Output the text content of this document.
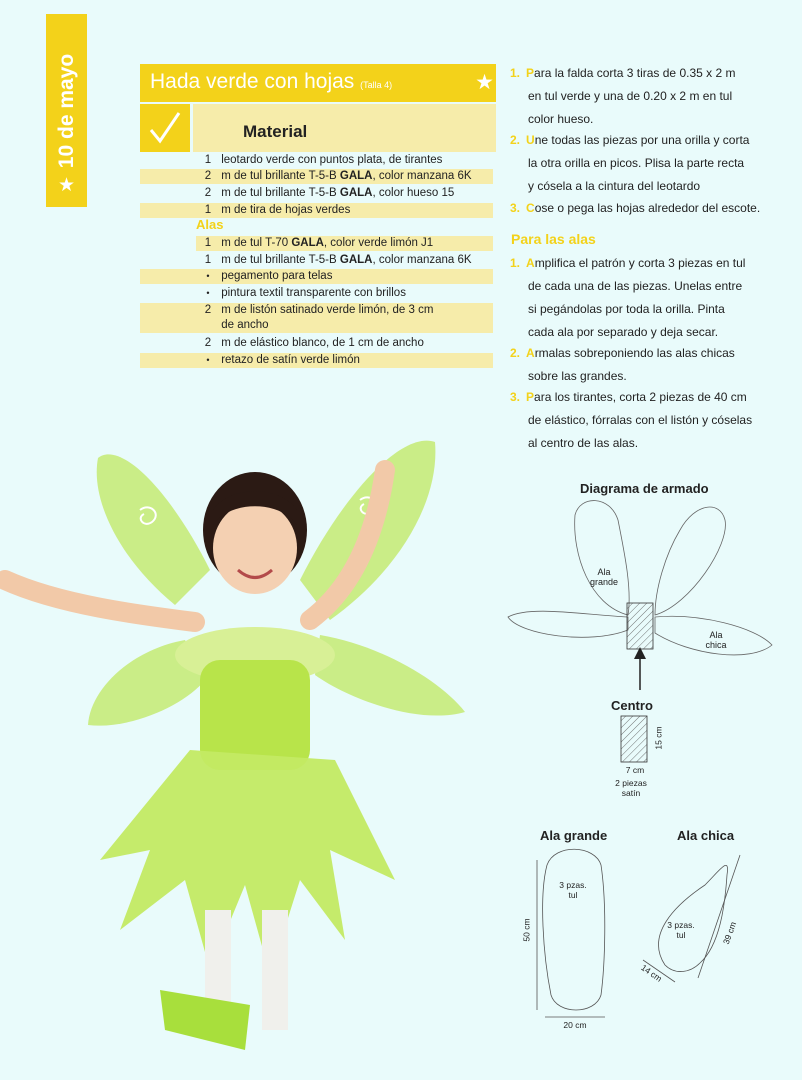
10 de mayo
★
Hada verde con hojas (Talla 4)	★
Material
1 leotardo verde con puntos plata, de tirantes
2 m de tul brillante T-5-B GALA, color manzana 6K
2 m de tul brillante T-5-B GALA, color hueso 15
1 m de tira de hojas verdes
Alas
1 m de tul T-70 GALA, color verde limón J1
1 m de tul brillante T-5-B GALA, color manzana 6K
• pegamento para telas
• pintura textil transparente con brillos
2 m de listón satinado verde limón, de 3 cm
de ancho
2 m de elástico blanco, de 1 cm de ancho
• retazo de satín verde limón
1. Para la falda corta 3 tiras de 0.35 x 2 m
en tul verde y una de 0.20 x 2 m en tul
color hueso.
2. Une todas las piezas por una orilla y corta
la otra orilla en picos. Plisa la parte recta
y cósela a la cintura del leotardo
3. Cose o pega las hojas alrededor del escote.
Para las alas
1. Amplifica el patrón y corta 3 piezas en tul
de cada una de las piezas. Unelas entre
si pegándolas por toda la orilla. Pinta
cada ala por separado y deja secar.
2. Armalas sobreponiendo las alas chicas
sobre las grandes.
3. Para los tirantes, corta 2 piezas de 40 cm
de elástico, fórralas con el listón y cóselas
al centro de las alas.
Diagrama de armado
Ala
grande
Ala
chica
Centro
15 cm
7 cm
2 piezas
satín
Ala grande	Ala chica
3 pzas.
tul
50 cm
20 cm
3 pzas.
tul	39 cm
14 cm
